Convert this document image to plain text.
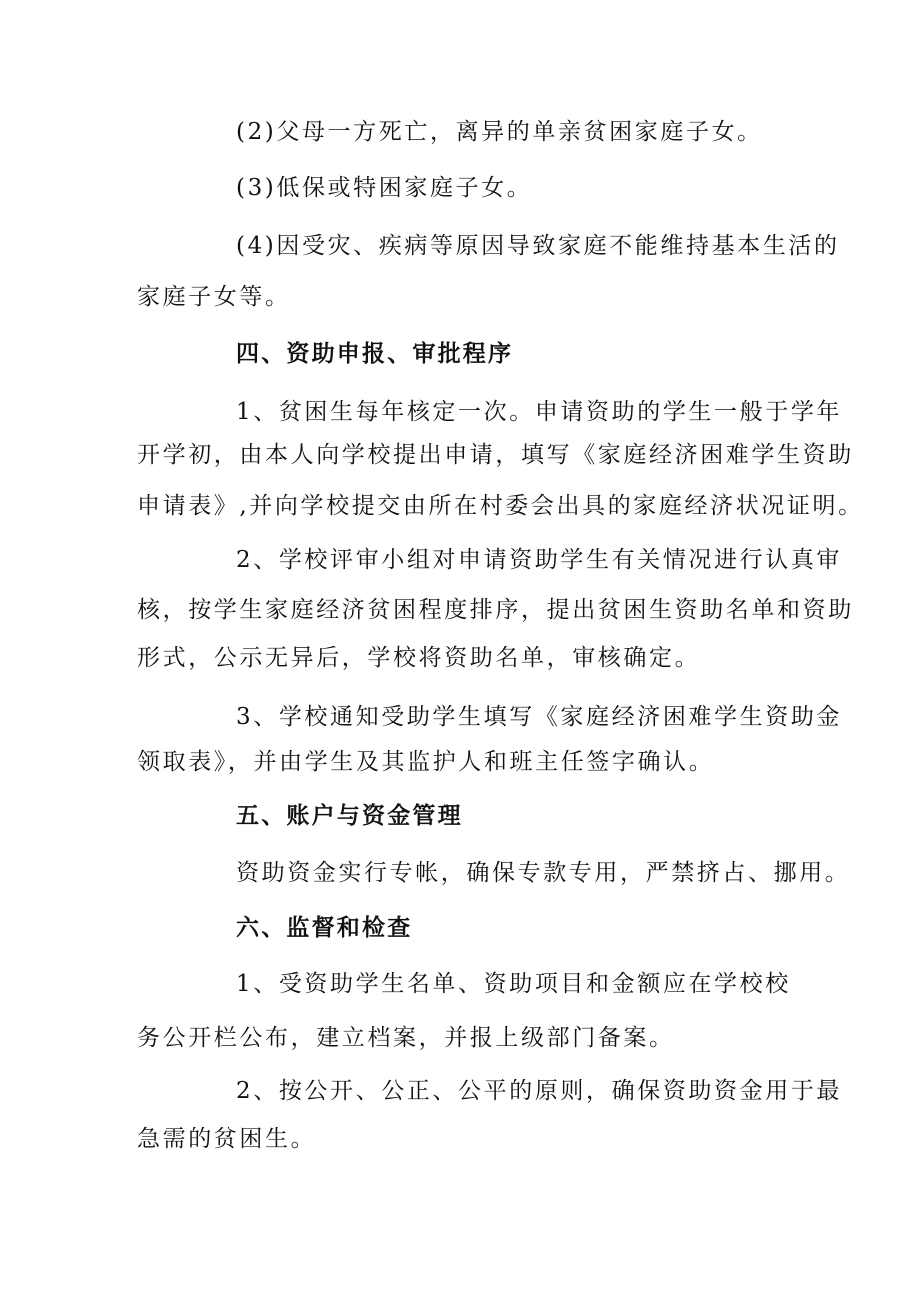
(2)父母一方死亡，离异的单亲贫困家庭子女。
(3)低保或特困家庭子女。
(4)因受灾、疾病等原因导致家庭不能维持基本生活的
家庭子女等。
四、资助申报、审批程序
1、贫困生每年核定一次。申请资助的学生一般于学年
开学初，由本人向学校提出申请，填写《家庭经济困难学生资助
申请表》,并向学校提交由所在村委会出具的家庭经济状况证明。
2、学校评审小组对申请资助学生有关情况进行认真审
核，按学生家庭经济贫困程度排序，提出贫困生资助名单和资助
形式，公示无异后，学校将资助名单，审核确定。
3、学校通知受助学生填写《家庭经济困难学生资助金
领取表》，并由学生及其监护人和班主任签字确认。
五、账户与资金管理
资助资金实行专帐，确保专款专用，严禁挤占、挪用。
六、监督和检查
1、受资助学生名单、资助项目和金额应在学校校
务公开栏公布，建立档案，并报上级部门备案。
2、按公开、公正、公平的原则，确保资助资金用于最
急需的贫困生。
